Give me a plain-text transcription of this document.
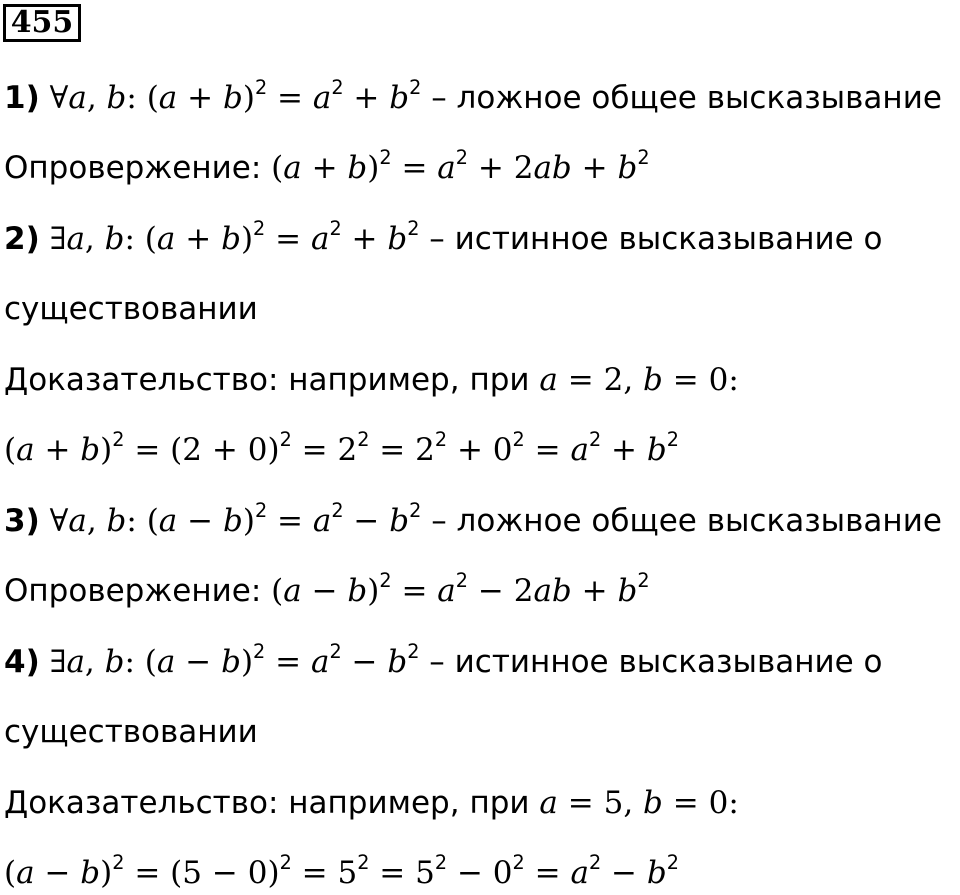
455
1) ∀a, b: $(a + b)^2 = a^2 + b^2$ – ложное общее высказывание
Опровержение: $(a + b)^2 = a^2 + 2ab + b^2$
2) ∃a, b: $(a + b)^2 = a^2 + b^2$ – истинное высказывание о
существовании
Доказательство: например, при a = 2, b = 0:
$(a + b)^2 = (2 + 0)^2 = 2^2 = 2^2 + 0^2 = a^2 + b^2$
3) ∀a, b: $(a - b)^2 = a^2 - b^2$ – ложное общее высказывание
Опровержение: $(a - b)^2 = a^2 - 2ab + b^2$
4) ∃a, b: $(a - b)^2 = a^2 - b^2$ – истинное высказывание о
существовании
Доказательство: например, при a = 5, b = 0:
$(a - b)^2 = (5 - 0)^2 = 5^2 = 5^2 - 0^2 = a^2 - b^2$
